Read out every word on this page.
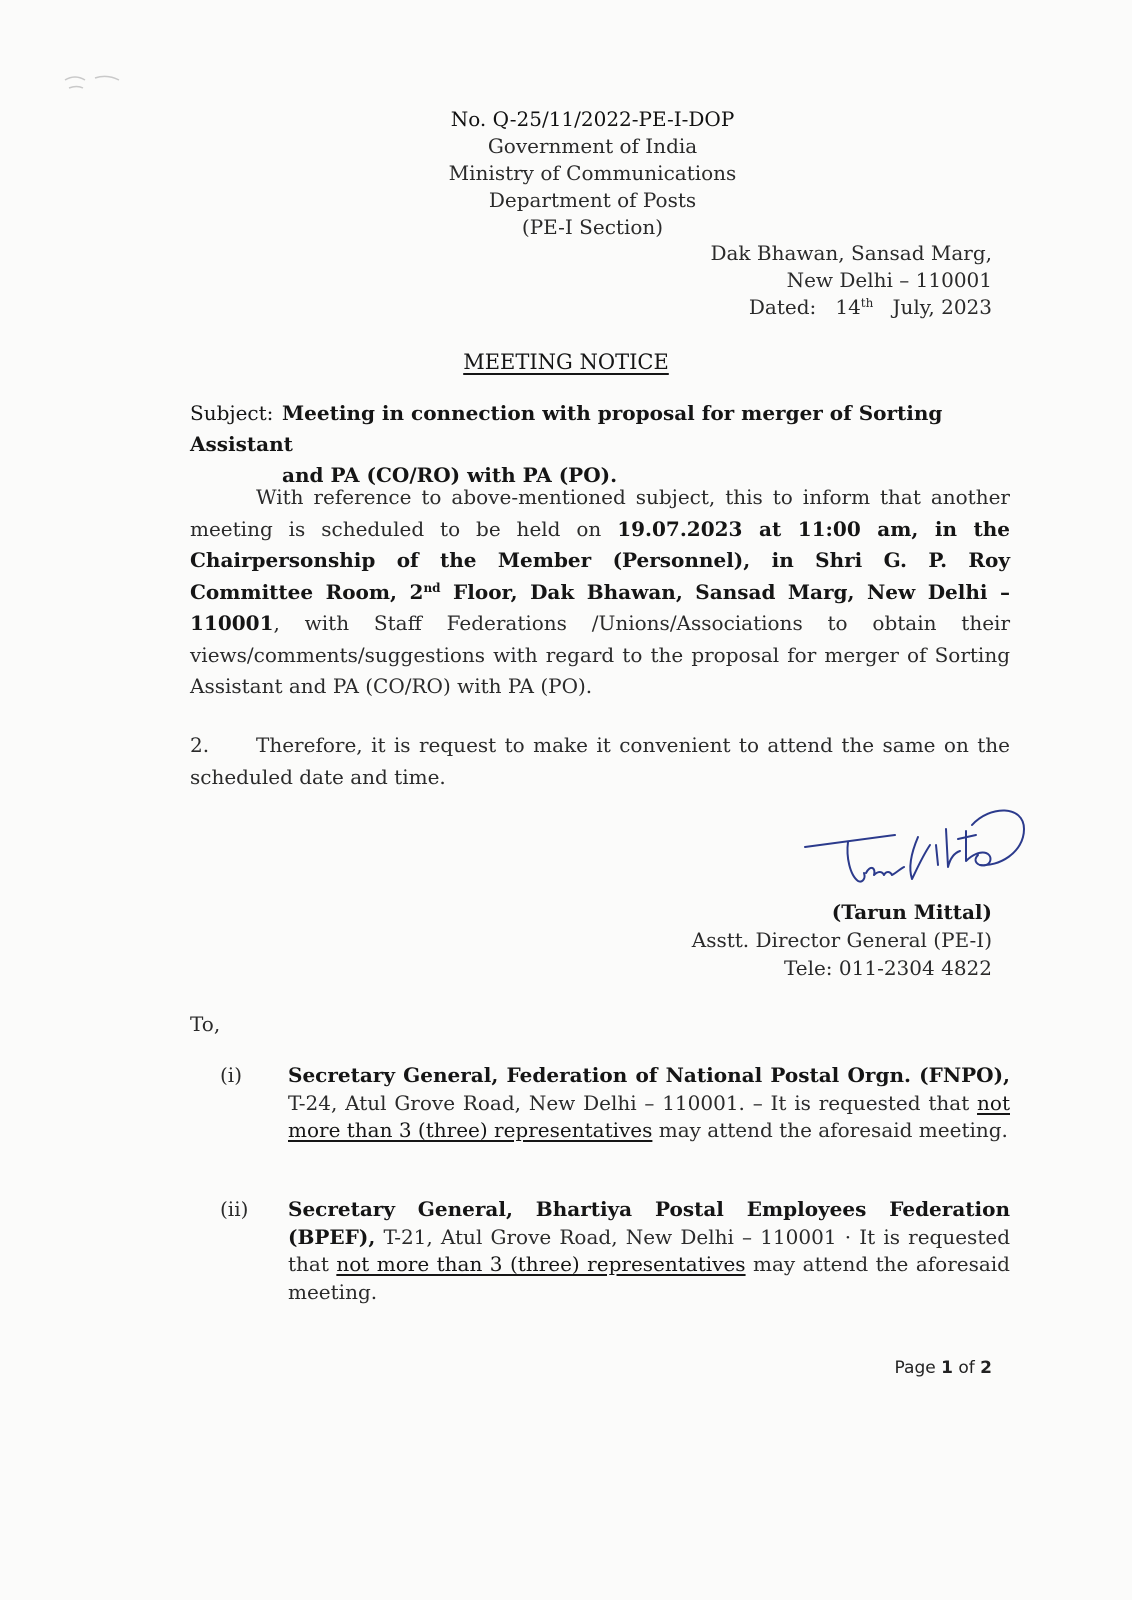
No. Q-25/11/2022-PE-I-DOP
Government of India
Ministry of Communications
Department of Posts
(PE-I Section)
Dak Bhawan, Sansad Marg,
New Delhi – 110001
Dated: 14th July, 2023
MEETING NOTICE
Subject: Meeting in connection with proposal for merger of Sorting Assistant
and PA (CO/RO) with PA (PO).
With reference to above-mentioned subject, this to inform that another meeting is scheduled to be held on 19.07.2023 at 11:00 am, in the Chairpersonship of the Member (Personnel), in Shri G. P. Roy Committee Room, 2nd Floor, Dak Bhawan, Sansad Marg, New Delhi – 110001, with Staff Federations /Unions/Associations to obtain their views/comments/suggestions with regard to the proposal for merger of Sorting Assistant and PA (CO/RO) with PA (PO).
2. Therefore, it is request to make it convenient to attend the same on the scheduled date and time.
(Tarun Mittal)
Asstt. Director General (PE-I)
Tele: 011-2304 4822
To,
(i) Secretary General, Federation of National Postal Orgn. (FNPO), T-24, Atul Grove Road, New Delhi – 110001. – It is requested that not more than 3 (three) representatives may attend the aforesaid meeting.
(ii) Secretary General, Bhartiya Postal Employees Federation (BPEF), T-21, Atul Grove Road, New Delhi – 110001 · It is requested that not more than 3 (three) representatives may attend the aforesaid meeting.
Page 1 of 2
